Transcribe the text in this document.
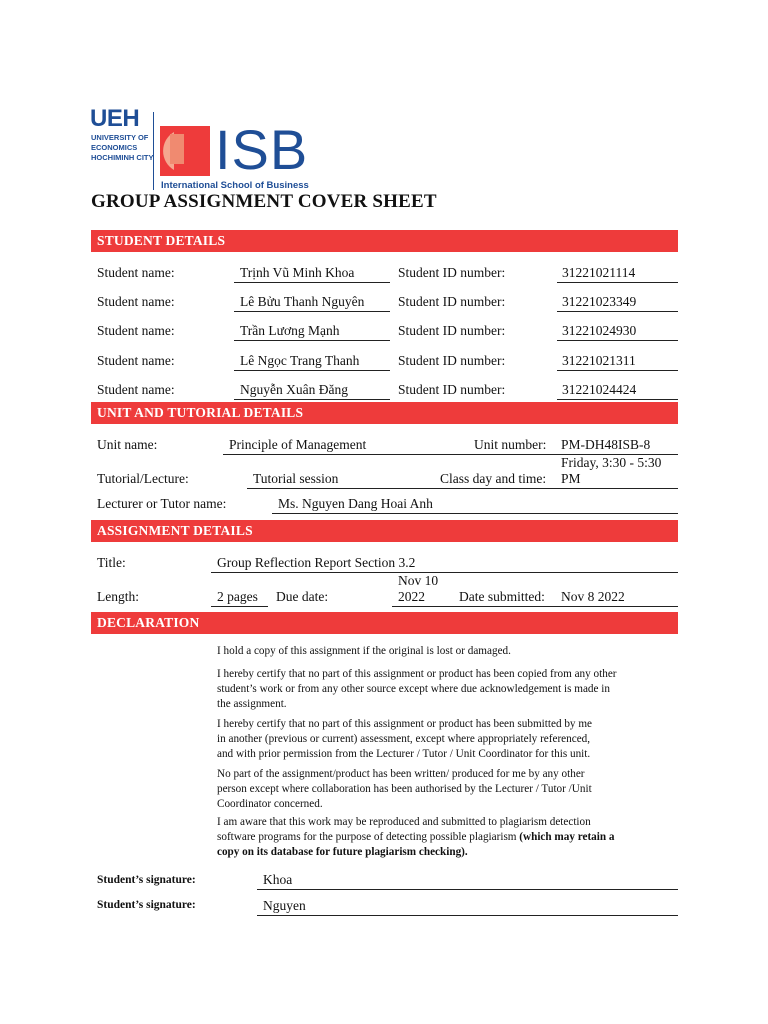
UEH
UNIVERSITY OF
ECONOMICS
HOCHIMINH CITY ISB
International School of Business
GROUP ASSIGNMENT COVER SHEET
STUDENT DETAILS
Student name:	Trịnh Vũ Minh Khoa	Student ID number:	31221021114
Student name:	Lê Bửu Thanh Nguyên Student ID number:	31221023349
Student name:	Trần Lương Mạnh	Student ID number:	31221024930
Student name:	Lê Ngọc Trang Thanh	Student ID number:	31221021311
Student name:	Nguyễn Xuân Đăng	Student ID number:	31221024424
UNIT AND TUTORIAL DETAILS
Unit name:	Principle of Management	Unit number: PM-DH48ISB-8
Tutorial/Lecture:	Tutorial session	Class day and time:
Friday, 3:30 - 5:30
PM
Lecturer or Tutor name:	Ms. Nguyen Dang Hoai Anh
ASSIGNMENT DETAILS
Title:	Group Reflection Report Section 3.2
Length:	2 pages Due date:
Nov 10
2022	Date submitted: Nov 8 2022
DECLARATION
I hold a copy of this assignment if the original is lost or damaged.
I hereby certify that no part of this assignment or product has been copied from any other
student’s work or from any other source except where due acknowledgement is made in
the assignment.
I hereby certify that no part of this assignment or product has been submitted by me
in another (previous or current) assessment, except where appropriately referenced,
and with prior permission from the Lecturer / Tutor / Unit Coordinator for this unit.
No part of the assignment/product has been written/ produced for me by any other
person except where collaboration has been authorised by the Lecturer / Tutor /Unit
Coordinator concerned.
I am aware that this work may be reproduced and submitted to plagiarism detection
software programs for the purpose of detecting possible plagiarism (which may retain a
copy on its database for future plagiarism checking).
Student’s signature:	Khoa
Student’s signature:	Nguyen
